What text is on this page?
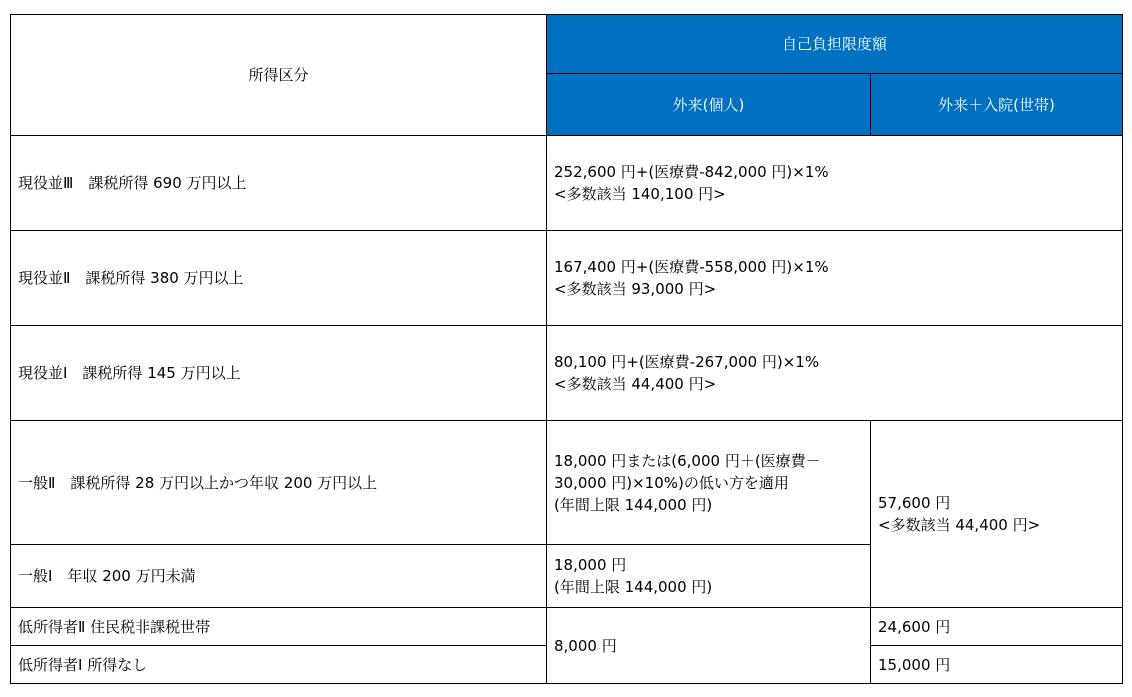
所得区分	自己負担限度額	
	外来(個人)	外来＋入院(世帯)
現役並Ⅲ　課税所得 690 万円以上	252,600 円+(医療費-842,000 円)×1%
<多数該当 140,100 円>	

現役並Ⅱ　課税所得 380 万円以上	167,400 円+(医療費-558,000 円)×1%
<多数該当 93,000 円>	

現役並Ⅰ　課税所得 145 万円以上	80,100 円+(医療費-267,000 円)×1%
<多数該当 44,400 円>	

一般Ⅱ　課税所得 28 万円以上かつ年収 200 万円以上	18,000 円または(6,000 円＋(医療費－
30,000 円)×10%)の低い方を適用
(年間上限 144,000 円)	57,600 円
<多数該当 44,400 円>

一般Ⅰ　年収 200 万円未満	18,000 円
(年間上限 144,000 円)	

低所得者Ⅱ 住民税非課税世帯	8,000 円	24,600 円
低所得者Ⅰ 所得なし		15,000 円
